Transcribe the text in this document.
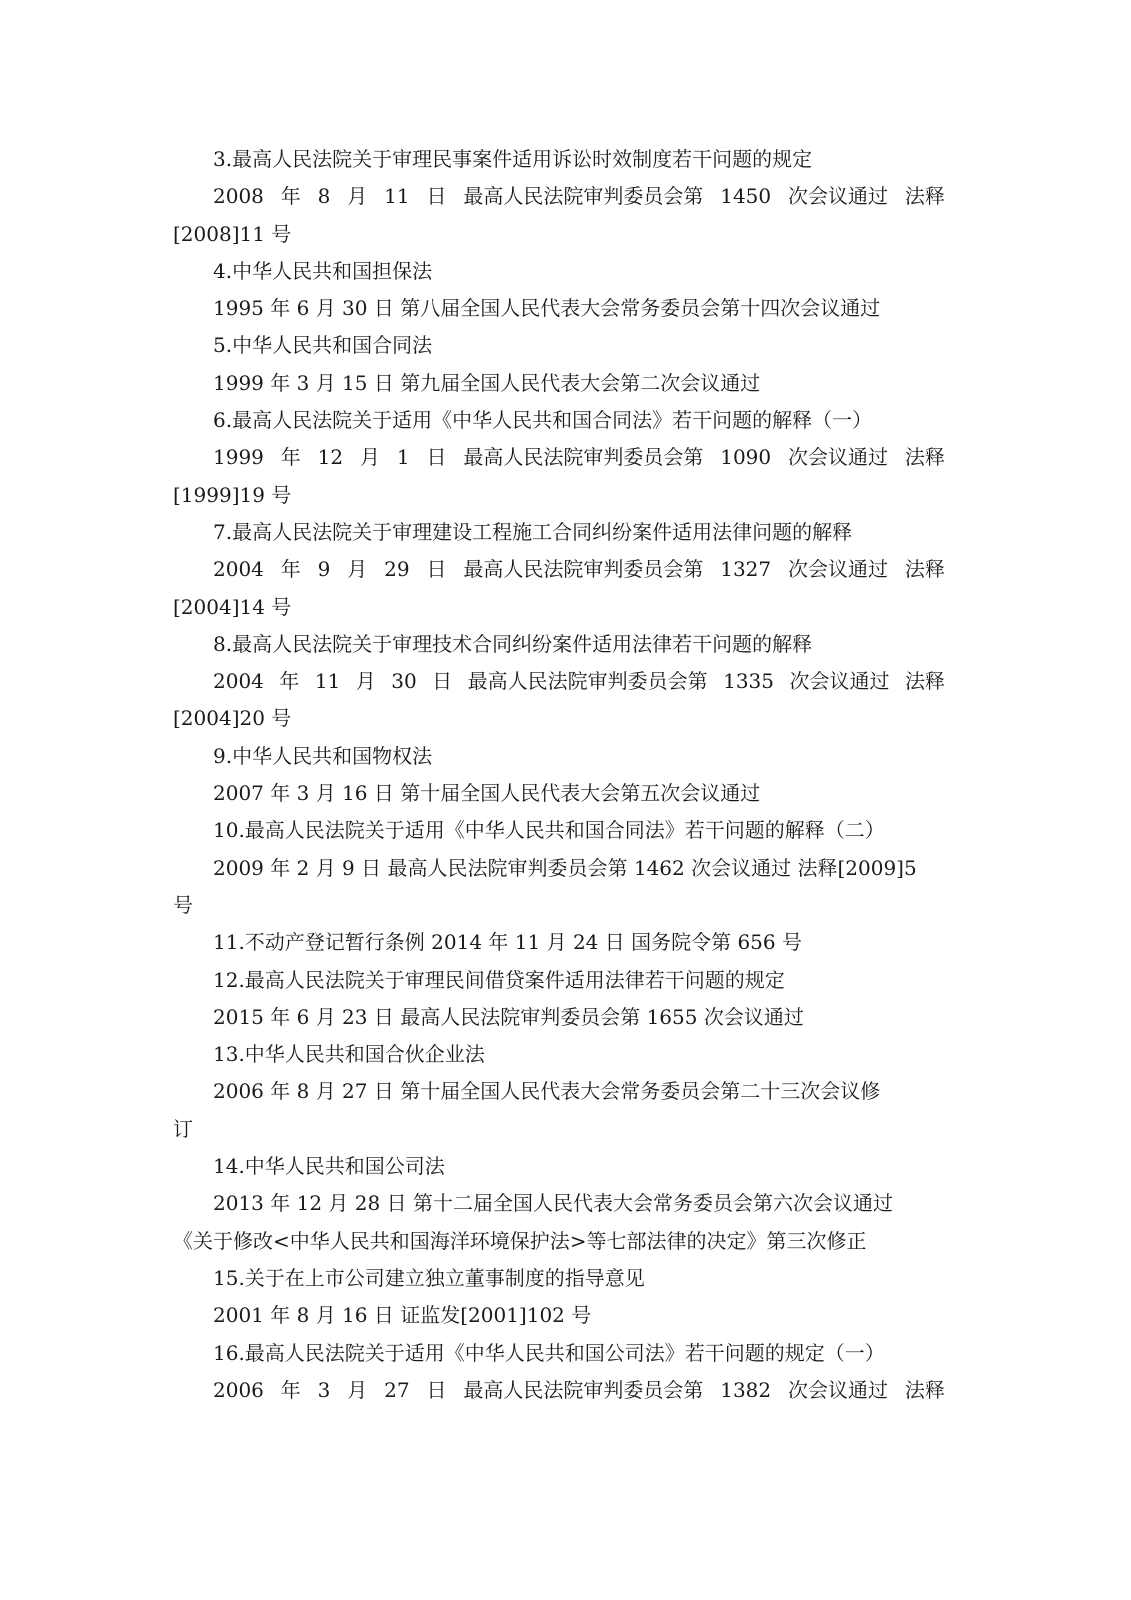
3.最高人民法院关于审理民事案件适用诉讼时效制度若干问题的规定
2008 年 8 月 11 日 最高人民法院审判委员会第 1450 次会议通过 法释
[2008]11 号
4.中华人民共和国担保法
1995 年 6 月 30 日 第八届全国人民代表大会常务委员会第十四次会议通过
5.中华人民共和国合同法
1999 年 3 月 15 日 第九届全国人民代表大会第二次会议通过
6.最高人民法院关于适用《中华人民共和国合同法》若干问题的解释（一）
1999 年 12 月 1 日 最高人民法院审判委员会第 1090 次会议通过 法释
[1999]19 号
7.最高人民法院关于审理建设工程施工合同纠纷案件适用法律问题的解释
2004 年 9 月 29 日 最高人民法院审判委员会第 1327 次会议通过 法释
[2004]14 号
8.最高人民法院关于审理技术合同纠纷案件适用法律若干问题的解释
2004 年 11 月 30 日 最高人民法院审判委员会第 1335 次会议通过 法释
[2004]20 号
9.中华人民共和国物权法
2007 年 3 月 16 日 第十届全国人民代表大会第五次会议通过
10.最高人民法院关于适用《中华人民共和国合同法》若干问题的解释（二）
2009 年 2 月 9 日 最高人民法院审判委员会第 1462 次会议通过 法释[2009]5
号
11.不动产登记暂行条例 2014 年 11 月 24 日 国务院令第 656 号
12.最高人民法院关于审理民间借贷案件适用法律若干问题的规定
2015 年 6 月 23 日 最高人民法院审判委员会第 1655 次会议通过
13.中华人民共和国合伙企业法
2006 年 8 月 27 日 第十届全国人民代表大会常务委员会第二十三次会议修
订
14.中华人民共和国公司法
2013 年 12 月 28 日 第十二届全国人民代表大会常务委员会第六次会议通过
《关于修改<中华人民共和国海洋环境保护法>等七部法律的决定》第三次修正
15.关于在上市公司建立独立董事制度的指导意见
2001 年 8 月 16 日 证监发[2001]102 号
16.最高人民法院关于适用《中华人民共和国公司法》若干问题的规定（一）
2006 年 3 月 27 日 最高人民法院审判委员会第 1382 次会议通过 法释
